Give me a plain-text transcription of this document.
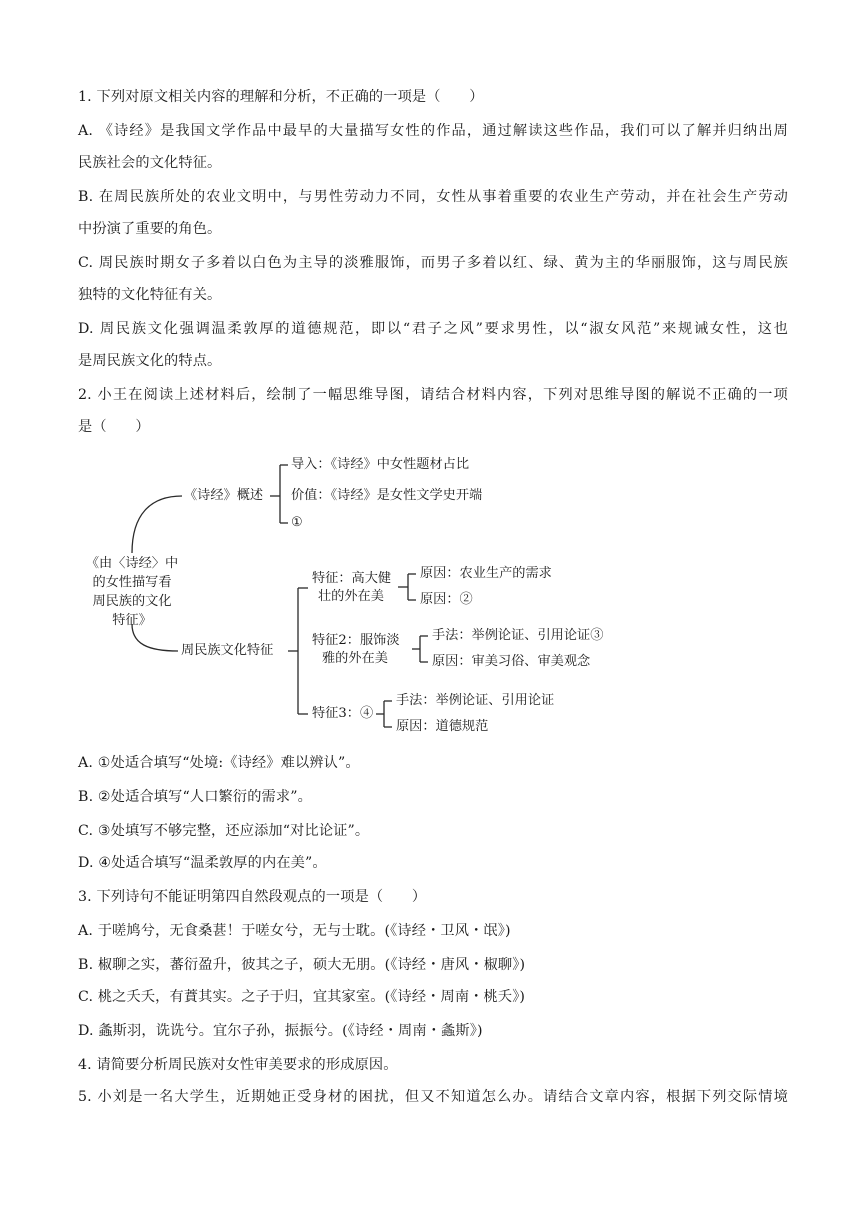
1. 下列对原文相关内容的理解和分析，不正确的一项是（　　）
A. 《诗经》是我国文学作品中最早的大量描写女性的作品，通过解读这些作品，我们可以了解并归纳出周
民族社会的文化特征。
B. 在周民族所处的农业文明中，与男性劳动力不同，女性从事着重要的农业生产劳动，并在社会生产劳动
中扮演了重要的角色。
C. 周民族时期女子多着以白色为主导的淡雅服饰，而男子多着以红、绿、黄为主的华丽服饰，这与周民族
独特的文化特征有关。
D. 周民族文化强调温柔敦厚的道德规范，即以“君子之风”要求男性，以“淑女风范”来规诫女性，这也
是周民族文化的特点。
2. 小王在阅读上述材料后，绘制了一幅思维导图，请结合材料内容，下列对思维导图的解说不正确的一项
是（　　）
《由〈诗经〉中
的女性描写看
周民族的文化
特征》
《诗经》概述
导入：《诗经》中女性题材占比
价值：《诗经》是女性文学史开端
①
周民族文化特征
特征：高大健
壮的外在美
原因：农业生产的需求
原因：②
特征2：服饰淡
雅的外在美
手法：举例论证、引用论证③
原因：审美习俗、审美观念
特征3：④
手法：举例论证、引用论证
原因：道德规范
A. ①处适合填写“处境:《诗经》难以辨认”。
B. ②处适合填写“人口繁衍的需求”。
C. ③处填写不够完整，还应添加“对比论证”。
D. ④处适合填写“温柔敦厚的内在美”。
3. 下列诗句不能证明第四自然段观点的一项是（　　）
A. 于嗟鸠兮，无食桑葚！于嗟女兮，无与士耽。(《诗经・卫风・氓》)
B. 椒聊之实，蕃衍盈升，彼其之子，硕大无朋。(《诗经・唐风・椒聊》)
C. 桃之夭夭，有蕡其实。之子于归，宜其家室。(《诗经・周南・桃夭》)
D. 螽斯羽，诜诜兮。宜尔子孙，振振兮。(《诗经・周南・螽斯》)
4. 请简要分析周民族对女性审美要求的形成原因。
5. 小刘是一名大学生，近期她正受身材的困扰，但又不知道怎么办。请结合文章内容，根据下列交际情境
